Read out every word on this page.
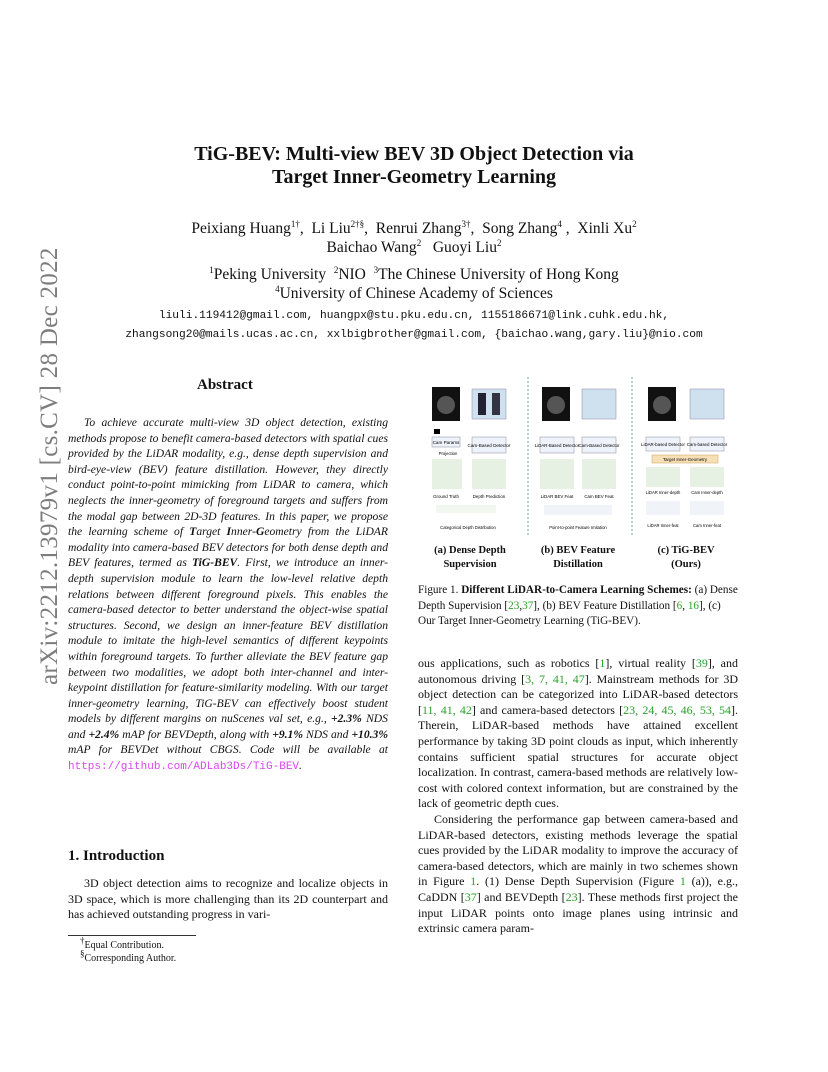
arXiv:2212.13979v1 [cs.CV] 28 Dec 2022
TiG-BEV: Multi-view BEV 3D Object Detection via
Target Inner-Geometry Learning
Peixiang Huang$^{1\dagger}$,  Li Liu$^{2\dagger\S}$,  Renrui Zhang$^{3\dagger}$,  Song Zhang$^4$ ,  Xinli Xu$^2$
Baichao Wang$^2$ Guoyi Liu$^2$
$^1$Peking University $^2$NIO $^3$The Chinese University of Hong Kong
$^4$University of Chinese Academy of Sciences
liuli.119412@gmail.com, huangpx@stu.pku.edu.cn, 1155186671@link.cuhk.edu.hk,
zhangsong20@mails.ucas.ac.cn, xxlbigbrother@gmail.com, {baichao.wang,gary.liu}@nio.com
Abstract

To achieve accurate multi-view 3D object detection, existing methods propose to benefit camera-based detectors with spatial cues provided by the LiDAR modality, e.g., dense depth supervision and bird-eye-view (BEV) feature distillation. However, they directly conduct point-to-point mimicking from LiDAR to camera, which neglects the inner-geometry of foreground targets and suffers from the modal gap between 2D-3D features. In this paper, we propose the learning scheme of Target Inner-Geometry from the LiDAR modality into camera-based BEV detectors for both dense depth and BEV features, termed as TiG-BEV. First, we introduce an inner-depth supervision module to learn the low-level relative depth relations between different foreground pixels. This enables the camera-based detector to better understand the object-wise spatial structures. Second, we design an inner-feature BEV distillation module to imitate the high-level semantics of different keypoints within foreground targets. To further alleviate the BEV feature gap between two modalities, we adopt both inter-channel and inter-keypoint distillation for feature-similarity modeling. With our target inner-geometry learning, TiG-BEV can effectively boost student models by different margins on nuScenes val set, e.g., +2.3% NDS and +2.4% mAP for BEVDepth, along with +9.1% NDS and +10.3% mAP for BEVDet without CBGS. Code will be available at https://github.com/ADLab3Ds/TiG-BEV.

1. Introduction

3D object detection aims to recognize and localize objects in 3D space, which is more challenging than its 2D counterpart and has achieved outstanding progress in vari-

†Equal Contribution.
§Corresponding Author.
Cam Params
Projection
Cam-Based Detector
Ground Truth	Depth Prediction
Categorical Depth Distribution
LiDAR-Based Detector Cam-Based Detector
LiDAR BEV Feat	Cam BEV Feat
Point-to-point Feature Imitation
LiDAR-based Detector Cam-based Detector
Target Inner-Geometry
LiDAR Inner-depth	Cam Inner-depth
LiDAR Inner-feat	Cam Inner-feat
(a) Dense Depth
Supervision
(b) BEV Feature
Distillation
(c) TiG-BEV
(Ours)
Figure 1. Different LiDAR-to-Camera Learning Schemes: (a) Dense Depth Supervision [23,37], (b) BEV Feature Distillation [6, 16], (c) Our Target Inner-Geometry Learning (TiG-BEV).

ous applications, such as robotics [1], virtual reality [39], and autonomous driving [3, 7, 41, 47]. Mainstream methods for 3D object detection can be categorized into LiDAR-based detectors [11, 41, 42] and camera-based detectors [23, 24, 45, 46, 53, 54]. Therein, LiDAR-based methods have attained excellent performance by taking 3D point clouds as input, which inherently contains sufficient spatial structures for accurate object localization. In contrast, camera-based methods are relatively low-cost with colored context information, but are constrained by the lack of geometric depth cues.

Considering the performance gap between camera-based and LiDAR-based detectors, existing methods leverage the spatial cues provided by the LiDAR modality to improve the accuracy of camera-based detectors, which are mainly in two schemes shown in Figure 1. (1) Dense Depth Supervision (Figure 1 (a)), e.g., CaDDN [37] and BEVDepth [23]. These methods first project the input LiDAR points onto image planes using intrinsic and extrinsic camera param-
